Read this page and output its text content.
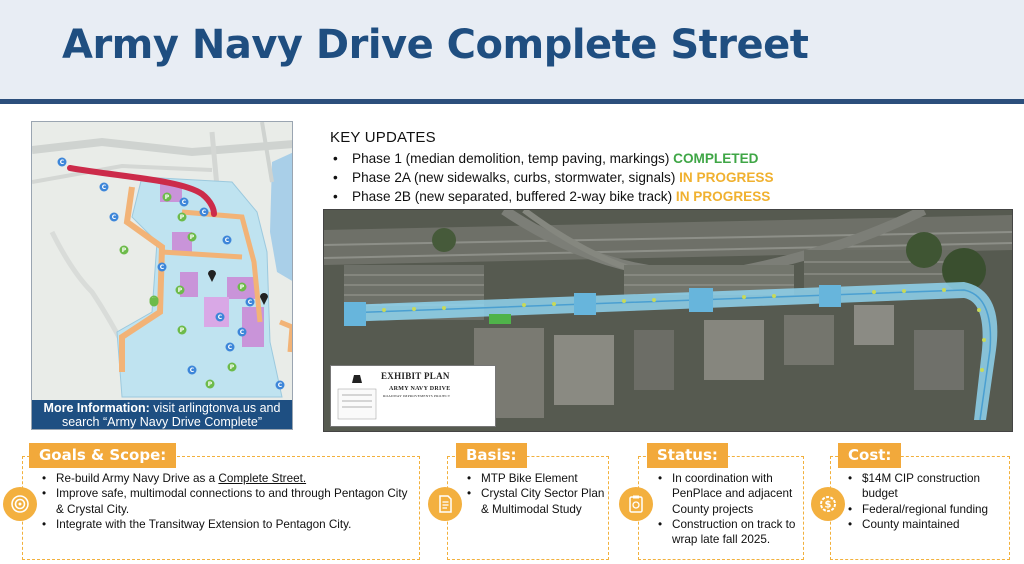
Army Navy Drive Complete Street
C
C
C
C
C
C
C
C
C
C
C
C
C
P
P
P
P
P
P
P
P
P
More Information: visit arlingtonva.us and
search “Army Navy Drive Complete”
KEY UPDATES
• Phase 1 (median demolition, temp paving, markings) COMPLETED
• Phase 2A (new sidewalks, curbs, stormwater, signals) IN PROGRESS
• Phase 2B (new separated, buffered 2-way bike track) IN PROGRESS
EXHIBIT PLAN
ARMY NAVY DRIVE
ROADWAY IMPROVEMENTS PROJECT
Goals & Scope:
• Re-build Army Navy Drive as a Complete Street.
• Improve safe, multimodal connections to and through Pentagon City & Crystal City.
• Integrate with the Transitway Extension to Pentagon City.
Basis:
• MTP Bike Element
• Crystal City Sector Plan & Multimodal Study
Status:
• In coordination with PenPlace and adjacent County projects
• Construction on track to wrap late fall 2025.
Cost:
$
• $14M CIP construction budget
• Federal/regional funding
• County maintained
